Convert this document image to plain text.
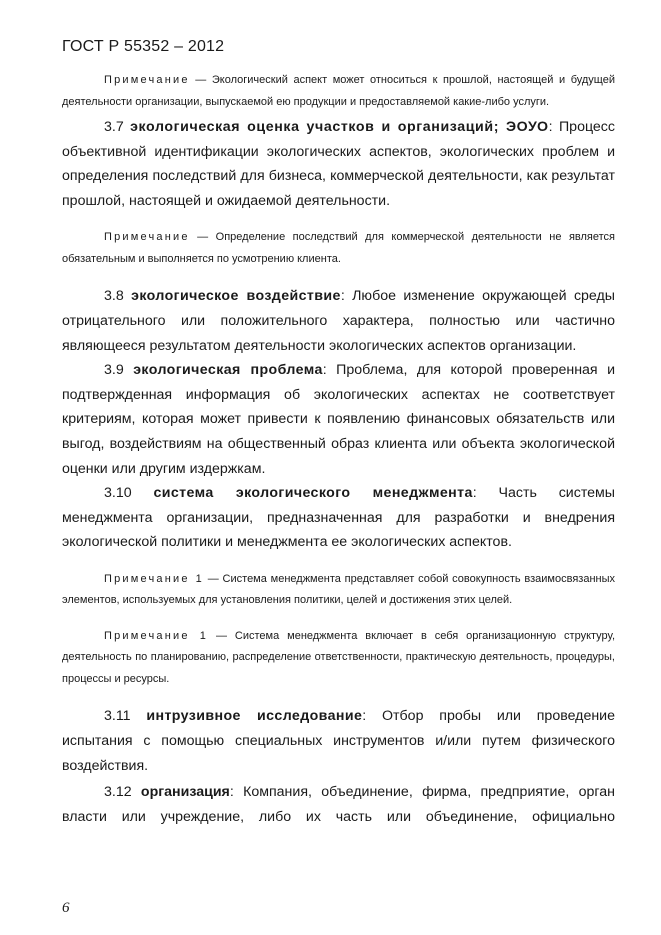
ГОСТ Р 55352 – 2012

Примечание — Экологический аспект может относиться к прошлой, настоящей и будущей деятельности организации, выпускаемой ею продукции и предоставляемой какие-либо услуги.

3.7 экологическая оценка участков и организаций; ЭОУО: Процесс объективной идентификации экологических аспектов, экологических проблем и определения последствий для бизнеса, коммерческой деятельности, как результат прошлой, настоящей и ожидаемой деятельности.

Примечание — Определение последствий для коммерческой деятельности не является обязательным и выполняется по усмотрению клиента.

3.8 экологическое воздействие: Любое изменение окружающей среды отрицательного или положительного характера, полностью или частично являющееся результатом деятельности экологических аспектов организации.

3.9 экологическая проблема: Проблема, для которой проверенная и подтвержденная информация об экологических аспектах не соответствует критериям, которая может привести к появлению финансовых обязательств или выгод, воздействиям на общественный образ клиента или объекта экологической оценки или другим издержкам.

3.10 система экологического менеджмента: Часть системы менеджмента организации, предназначенная для разработки и внедрения экологической политики и менеджмента ее экологических аспектов.

Примечание 1 — Система менеджмента представляет собой совокупность взаимосвязанных элементов, используемых для установления политики, целей и достижения этих целей.

Примечание 1 — Система менеджмента включает в себя организационную структуру, деятельность по планированию, распределение ответственности, практическую деятельность, процедуры, процессы и ресурсы.

3.11 интрузивное исследование: Отбор пробы или проведение испытания с помощью специальных инструментов и/или путем физического воздействия.

3.12 организация: Компания, объединение, фирма, предприятие, орган власти или учреждение, либо их часть или объединение, официально

6
